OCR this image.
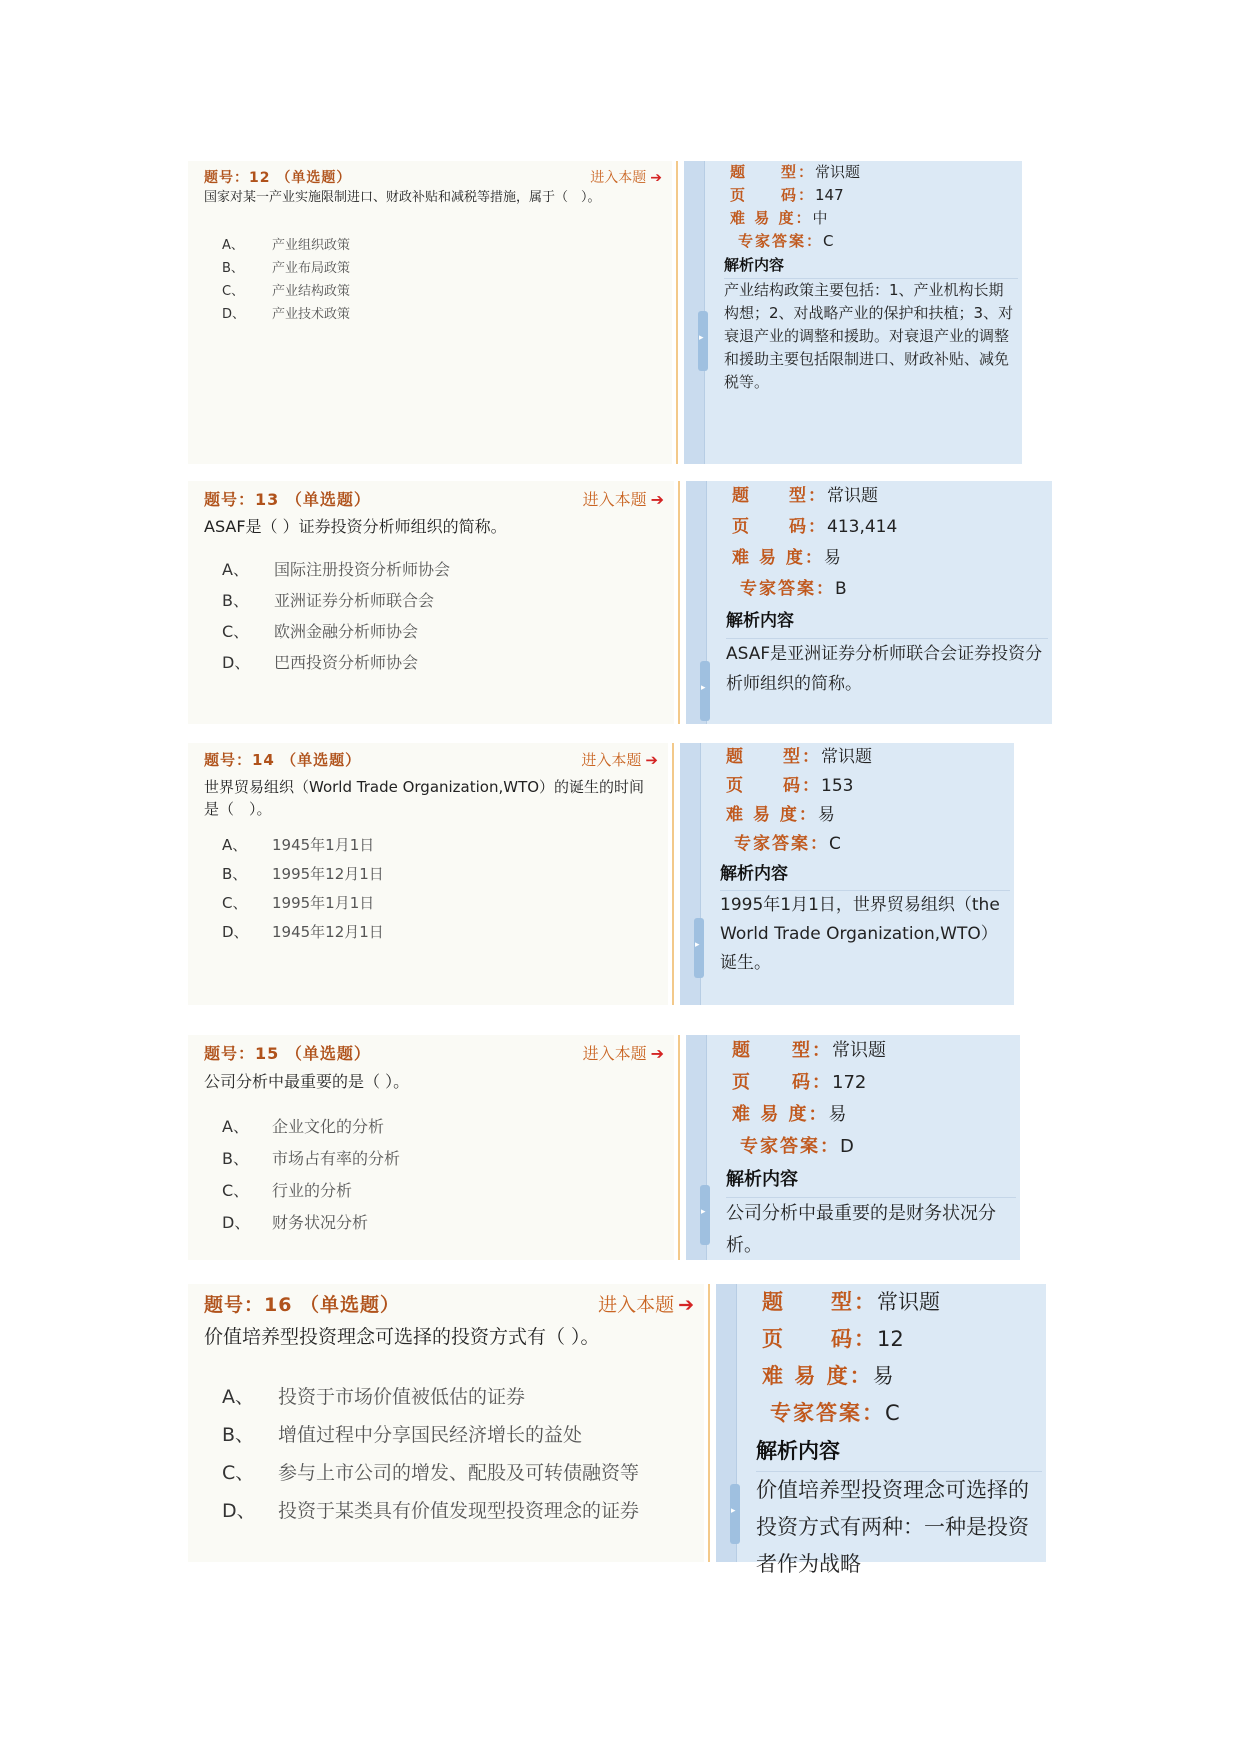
题号：12 （单选题）	进入本题 ➔
国家对某一产业实施限制进口、财政补贴和减税等措施，属于（　）。
A、 产业组织政策
B、 产业布局政策
C、 产业结构政策
D、 产业技术政策
▸
题　　型：常识题
页　　码：147
难 易 度：中
专家答案：C
解析内容
产业结构政策主要包括：1、产业机构长期构想；2、对战略产业的保护和扶植；3、对衰退产业的调整和援助。对衰退产业的调整和援助主要包括限制进口、财政补贴、减免税等。
题号：13 （单选题）	进入本题 ➔
ASAF是（ ）证券投资分析师组织的简称。
A、 国际注册投资分析师协会
B、 亚洲证券分析师联合会
C、 欧洲金融分析师协会
D、 巴西投资分析师协会
▸
题　　型：常识题
页　　码：413,414
难 易 度：易
专家答案：B
解析内容
ASAF是亚洲证券分析师联合会证券投资分析师组织的简称。
题号：14 （单选题）	进入本题 ➔
世界贸易组织（World Trade Organization,WTO）的诞生的时间是（　）。
A、 1945年1月1日
B、 1995年12月1日
C、 1995年1月1日
D、 1945年12月1日
▸
题　　型：常识题
页　　码：153
难 易 度：易
专家答案：C
解析内容
1995年1月1日，世界贸易组织（the World Trade Organization,WTO）诞生。
题号：15 （单选题）	进入本题 ➔
公司分析中最重要的是（ ）。
A、 企业文化的分析
B、 市场占有率的分析
C、 行业的分析
D、 财务状况分析
▸
题　　型：常识题
页　　码：172
难 易 度：易
专家答案：D
解析内容
公司分析中最重要的是财务状况分析。
题号：16 （单选题）	进入本题 ➔
价值培养型投资理念可选择的投资方式有（ ）。
A、 投资于市场价值被低估的证券
B、 增值过程中分享国民经济增长的益处
C、 参与上市公司的增发、配股及可转债融资等
D、 投资于某类具有价值发现型投资理念的证券	▸
题　　型：常识题
页　　码：12
难 易 度：易
专家答案：C
解析内容
价值培养型投资理念可选择的投资方式有两种：一种是投资者作为战略
